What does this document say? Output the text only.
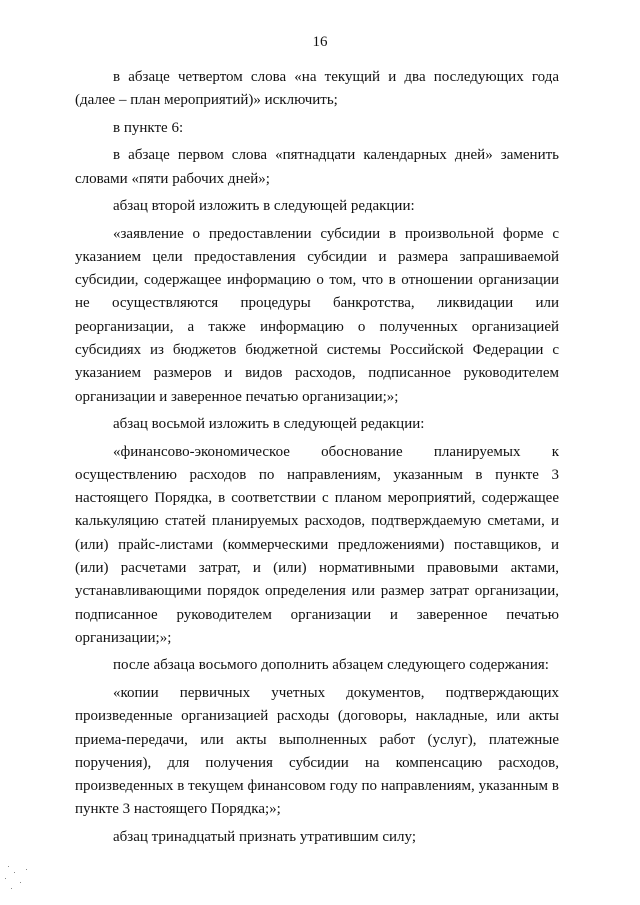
16

в абзаце четвертом слова «на текущий и два последующих года (далее – план мероприятий)» исключить;

в пункте 6:

в абзаце первом слова «пятнадцати календарных дней» заменить словами «пяти рабочих дней»;

абзац второй изложить в следующей редакции:

«заявление о предоставлении субсидии в произвольной форме с указанием цели предоставления субсидии и размера запрашиваемой субсидии, содержащее информацию о том, что в отношении организации не осуществляются процедуры банкротства, ликвидации или реорганизации, а также информацию о полученных организацией субсидиях из бюджетов бюджетной системы Российской Федерации с указанием размеров и видов расходов, подписанное руководителем организации и заверенное печатью организации;»;

абзац восьмой изложить в следующей редакции:

«финансово-экономическое обоснование планируемых к осуществлению расходов по направлениям, указанным в пункте 3 настоящего Порядка, в соответствии с планом мероприятий, содержащее калькуляцию статей планируемых расходов, подтверждаемую сметами, и (или) прайс-листами (коммерческими предложениями) поставщиков, и (или) расчетами затрат, и (или) нормативными правовыми актами, устанавливающими порядок определения или размер затрат организации, подписанное руководителем организации и заверенное печатью организации;»;

после абзаца восьмого дополнить абзацем следующего содержания:

«копии первичных учетных документов, подтверждающих произведенные организацией расходы (договоры, накладные, или акты приема-передачи, или акты выполненных работ (услуг), платежные поручения), для получения субсидии на компенсацию расходов, произведенных в текущем финансовом году по направлениям, указанным в пункте 3 настоящего Порядка;»;

абзац тринадцатый признать утратившим силу;
